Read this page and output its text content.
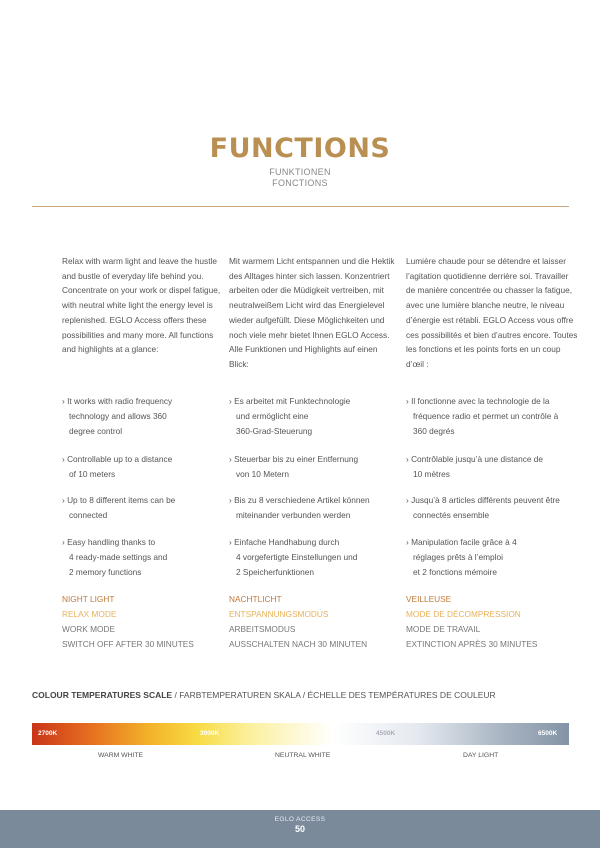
FUNCTIONS
FUNKTIONEN
FONCTIONS
Relax with warm light and leave the hustle and bustle of everyday life behind you. Concentrate on your work or dispel fatigue, with neutral white light the energy level is replenished. EGLO Access offers these possibilities and many more. All functions and highlights at a glance:
› It works with radio frequency
technology and allows 360
degree control
› Controllable up to a distance
of 10 meters
› Up to 8 different items can be
connected
› Easy handling thanks to
4 ready-made settings and
2 memory functions
NIGHT LIGHT
RELAX MODE
WORK MODE
SWITCH OFF AFTER 30 MINUTES
Mit warmem Licht entspannen und die Hektik des Alltages hinter sich lassen. Konzentriert arbeiten oder die Müdigkeit vertreiben, mit neutralweißem Licht wird das Energielevel wieder aufgefüllt. Diese Möglichkeiten und noch viele mehr bietet Ihnen EGLO Access. Alle Funktionen und Highlights auf einen Blick:
› Es arbeitet mit Funktechnologie
und ermöglicht eine
360-Grad-Steuerung
› Steuerbar bis zu einer Entfernung
von 10 Metern
› Bis zu 8 verschiedene Artikel können
miteinander verbunden werden
› Einfache Handhabung durch
4 vorgefertigte Einstellungen und
2 Speicherfunktionen
NACHTLICHT
ENTSPANNUNGSMODUS
ARBEITSMODUS
AUSSCHALTEN NACH 30 MINUTEN
Lumière chaude pour se détendre et laisser l’agitation quotidienne derrière soi. Travailler de manière concentrée ou chasser la fatigue, avec une lumière blanche neutre, le niveau d’énergie est rétabli. EGLO Access vous offre ces possibilités et bien d’autres encore. Toutes les fonctions et les points forts en un coup d’œil :
› Il fonctionne avec la technologie de la
fréquence radio et permet un contrôle à
360 degrés
› Contrôlable jusqu’à une distance de
10 mètres
› Jusqu’à 8 articles différents peuvent être
connectés ensemble
› Manipulation facile grâce à 4
réglages prêts à l’emploi
et 2 fonctions mémoire
VEILLEUSE
MODE DE DÉCOMPRESSION
MODE DE TRAVAIL
EXTINCTION APRÈS 30 MINUTES
COLOUR TEMPERATURES SCALE / FARBTEMPERATUREN SKALA / ÉCHELLE DES TEMPÉRATURES DE COULEUR
2700K	3000K	4500K	6500K
WARM WHITE	NEUTRAL WHITE	DAY LIGHT
EGLO ACCESS
50
